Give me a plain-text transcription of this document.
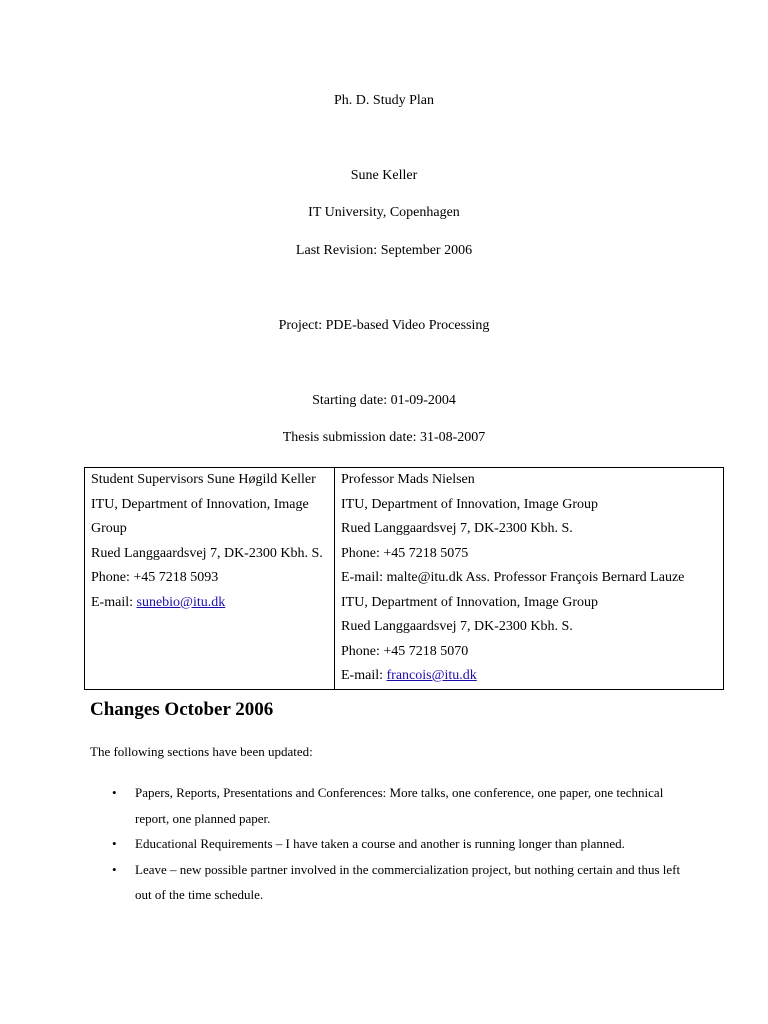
Ph. D. Study Plan
Sune Keller
IT University, Copenhagen
Last Revision: September 2006
Project: PDE-based Video Processing
Starting date: 01-09-2004
Thesis submission date: 31-08-2007
Student Supervisors Sune Høgild Keller
ITU, Department of Innovation, Image Group
Rued Langgaardsvej 7, DK-2300 Kbh. S.
Phone: +45 7218 5093
E-mail: sunebio@itu.dk

Professor Mads Nielsen
ITU, Department of Innovation, Image Group
Rued Langgaardsvej 7, DK-2300 Kbh. S.
Phone: +45 7218 5075
E-mail: malte@itu.dk Ass. Professor François Bernard Lauze
ITU, Department of Innovation, Image Group
Rued Langgaardsvej 7, DK-2300 Kbh. S.
Phone: +45 7218 5070
E-mail: francois@itu.dk
Changes October 2006
The following sections have been updated:
• Papers, Reports, Presentations and Conferences: More talks, one conference, one paper, one technical report, one planned paper.
• Educational Requirements – I have taken a course and another is running longer than planned.
• Leave – new possible partner involved in the commercialization project, but nothing certain and thus left out of the time schedule.
